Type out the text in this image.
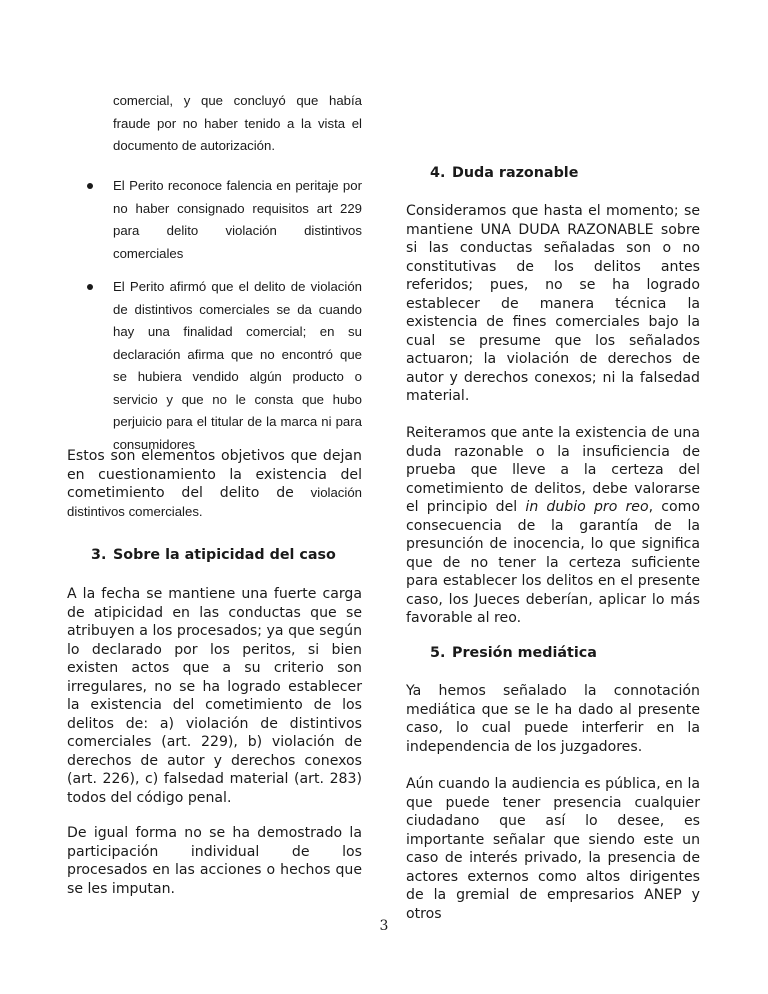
comercial, y que concluyó que había fraude por no haber tenido a la vista el documento de autorización.
El Perito reconoce falencia en peritaje por no haber consignado requisitos art 229 para delito violación distintivos comerciales
El Perito afirmó que el delito de violación de distintivos comerciales se da cuando hay una finalidad comercial; en su declaración afirma que no encontró que se hubiera vendido algún producto o servicio y que no le consta que hubo perjuicio para el titular de la marca ni para consumidores
Estos son elementos objetivos que dejan en cuestionamiento la existencia del cometimiento del delito de violación distintivos comerciales.
3. Sobre la atipicidad del caso
A la fecha se mantiene una fuerte carga de atipicidad en las conductas que se atribuyen a los procesados; ya que según lo declarado por los peritos, si bien existen actos que a su criterio son irregulares, no se ha logrado establecer la existencia del cometimiento de los delitos de: a) violación de distintivos comerciales (art. 229), b) violación de derechos de autor y derechos conexos (art. 226), c) falsedad material (art. 283) todos del código penal.
De igual forma no se ha demostrado la participación individual de los procesados en las acciones o hechos que se les imputan.
4. Duda razonable
Consideramos que hasta el momento; se mantiene UNA DUDA RAZONABLE sobre si las conductas señaladas son o no constitutivas de los delitos antes referidos; pues, no se ha logrado establecer de manera técnica la existencia de fines comerciales bajo la cual se presume que los señalados actuaron; la violación de derechos de autor y derechos conexos; ni la falsedad material.
Reiteramos que ante la existencia de una duda razonable o la insuficiencia de prueba que lleve a la certeza del cometimiento de delitos, debe valorarse el principio del in dubio pro reo, como consecuencia de la garantía de la presunción de inocencia, lo que significa que de no tener la certeza suficiente para establecer los delitos en el presente caso, los Jueces deberían, aplicar lo más favorable al reo.
5. Presión mediática
Ya hemos señalado la connotación mediática que se le ha dado al presente caso, lo cual puede interferir en la independencia de los juzgadores.
Aún cuando la audiencia es pública, en la que puede tener presencia cualquier ciudadano que así lo desee, es importante señalar que siendo este un caso de interés privado, la presencia de actores externos como altos dirigentes de la gremial de empresarios ANEP y otros
3
